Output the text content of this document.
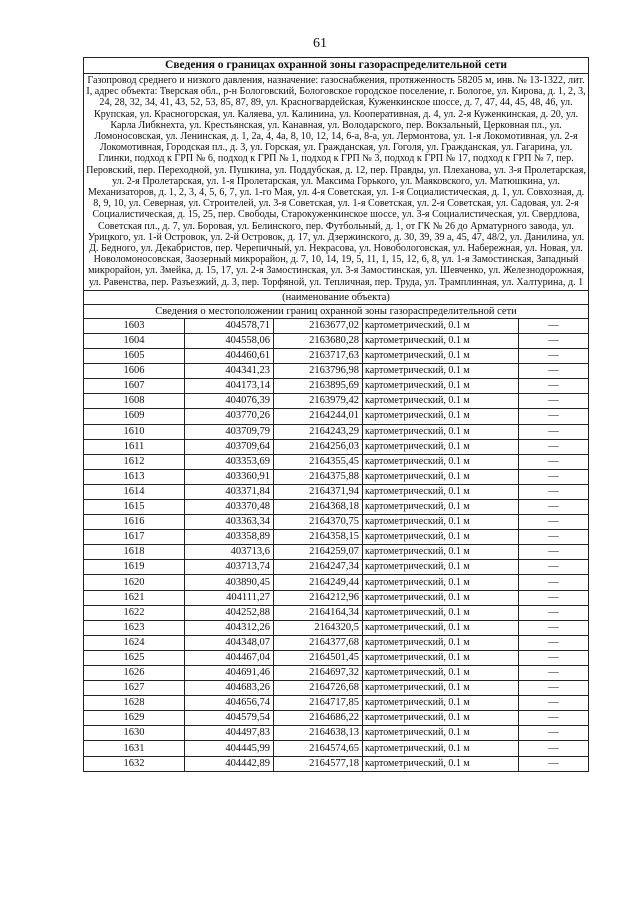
61
Сведения о границах охранной зоны газораспределительной сети				
Газопровод среднего и низкого давления, назначение: газоснабжения, протяженность 58205 м, инв. № 13-1322, лит. I, адрес объекта: Тверская обл., р-н Бологовский, Бологовское городское поселение, г. Бологое, ул. Кирова, д. 1, 2, 3, 24, 28, 32, 34, 41, 43, 52, 53, 85, 87, 89, ул. Красногвардейская, Куженкинское шоссе, д. 7, 47, 44, 45, 48, 46, ул. Крупская, ул. Красногорская, ул. Каляева, ул. Калинина, ул. Кооперативная, д. 4, ул. 2-я Куженкинская, д. 20, ул. Карла Либкнехта, ул. Крестьянская, ул. Канавная, ул. Володарского, пер. Вокзальный, Церковная пл., ул. Ломоносовская, ул. Ленинская, д. 1, 2а, 4, 4а, 8, 10, 12, 14, 6-а, 8-а, ул. Лермонтова, ул. 1-я Локомотивная, ул. 2-я Локомотивная, Городская пл., д. 3, ул. Горская, ул. Гражданская, ул. Гоголя, ул. Гражданская, ул. Гагарина, ул. Глинки, подход к ГРП № 6, подход к ГРП № 1, подход к ГРП № 3, подход к ГРП № 17, подход к ГРП № 7, пер. Перовский, пер. Переходной, ул. Пушкина, ул. Поддубская, д. 12, пер. Правды, ул. Плеханова, ул. 3-я Пролетарская, ул. 2-я Пролетарская, ул. 1-я Пролетарская, ул. Максима Горького, ул. Маяковского, ул. Матюшкина, ул. Механизаторов, д. 1, 2, 3, 4, 5, 6, 7, ул. 1-го Мая, ул. 4-я Советская, ул. 1-я Социалистическая, д. 1, ул. Совхозная, д. 8, 9, 10, ул. Северная, ул. Строителей, ул. 3-я Советская, ул. 1-я Советская, ул. 2-я Советская, ул. Садовая, ул. 2-я Социалистическая, д. 15, 25, пер. Свободы, Старокуженкинское шоссе, ул. 3-я Социалистическая, ул. Свердлова, Советская пл., д. 7, ул. Боровая, ул. Белинского, пер. Футбольный, д. 1, от ГК № 26 до Арматурного завода, ул. Урицкого, ул. 1-й Островок, ул. 2-й Островок, д. 17, ул. Дзержинского, д. 30, 39, 39 а, 45, 47, 48/2, ул. Данилина, ул. Д. Бедного, ул. Декабристов, пер. Черепичный, ул. Некрасова, ул. Новобологовская, ул. Набережная, ул. Новая, ул. Новоломоносовская, Заозерный микрорайон, д. 7, 10, 14, 19, 5, 11, 1, 15, 12, 6, 8, ул. 1-я Замостинская, Западный микрорайон, ул. Змейка, д. 15, 17, ул. 2-я Замостинская, ул. 3-я Замостинская, ул. Шевченко, ул. Железнодорожная, ул. Равенства, пер. Разъезжий, д. 3, пер. Торфяной, ул. Тепличная, пер. Труда, ул. Трамплинная, ул. Халтурина, д. 1				
(наименование объекта)				
Сведения о местоположении границ охранной зоны газораспределительной сети				
1603	404578,71	2163677,02	картометрический, 0.1 м	—
1604	404558,06	2163680,28	картометрический, 0.1 м	—
1605	404460,61	2163717,63	картометрический, 0.1 м	—
1606	404341,23	2163796,98	картометрический, 0.1 м	—
1607	404173,14	2163895,69	картометрический, 0.1 м	—
1608	404076,39	2163979,42	картометрический, 0.1 м	—
1609	403770,26	2164244,01	картометрический, 0.1 м	—
1610	403709,79	2164243,29	картометрический, 0.1 м	—
1611	403709,64	2164256,03	картометрический, 0.1 м	—
1612	403353,69	2164355,45	картометрический, 0.1 м	—
1613	403360,91	2164375,88	картометрический, 0.1 м	—
1614	403371,84	2164371,94	картометрический, 0.1 м	—
1615	403370,48	2164368,18	картометрический, 0.1 м	—
1616	403363,34	2164370,75	картометрический, 0.1 м	—
1617	403358,89	2164358,15	картометрический, 0.1 м	—
1618	403713,6	2164259,07	картометрический, 0.1 м	—
1619	403713,74	2164247,34	картометрический, 0.1 м	—
1620	403890,45	2164249,44	картометрический, 0.1 м	—
1621	404111,27	2164212,96	картометрический, 0.1 м	—
1622	404252,88	2164164,34	картометрический, 0.1 м	—
1623	404312,26	2164320,5	картометрический, 0.1 м	—
1624	404348,07	2164377,68	картометрический, 0.1 м	—
1625	404467,04	2164501,45	картометрический, 0.1 м	—
1626	404691,46	2164697,32	картометрический, 0.1 м	—
1627	404683,26	2164726,68	картометрический, 0.1 м	—
1628	404656,74	2164717,85	картометрический, 0.1 м	—
1629	404579,54	2164686,22	картометрический, 0.1 м	—
1630	404497,83	2164638,13	картометрический, 0.1 м	—
1631	404445,99	2164574,65	картометрический, 0.1 м	—
1632	404442,89	2164577,18	картометрический, 0.1 м	—
